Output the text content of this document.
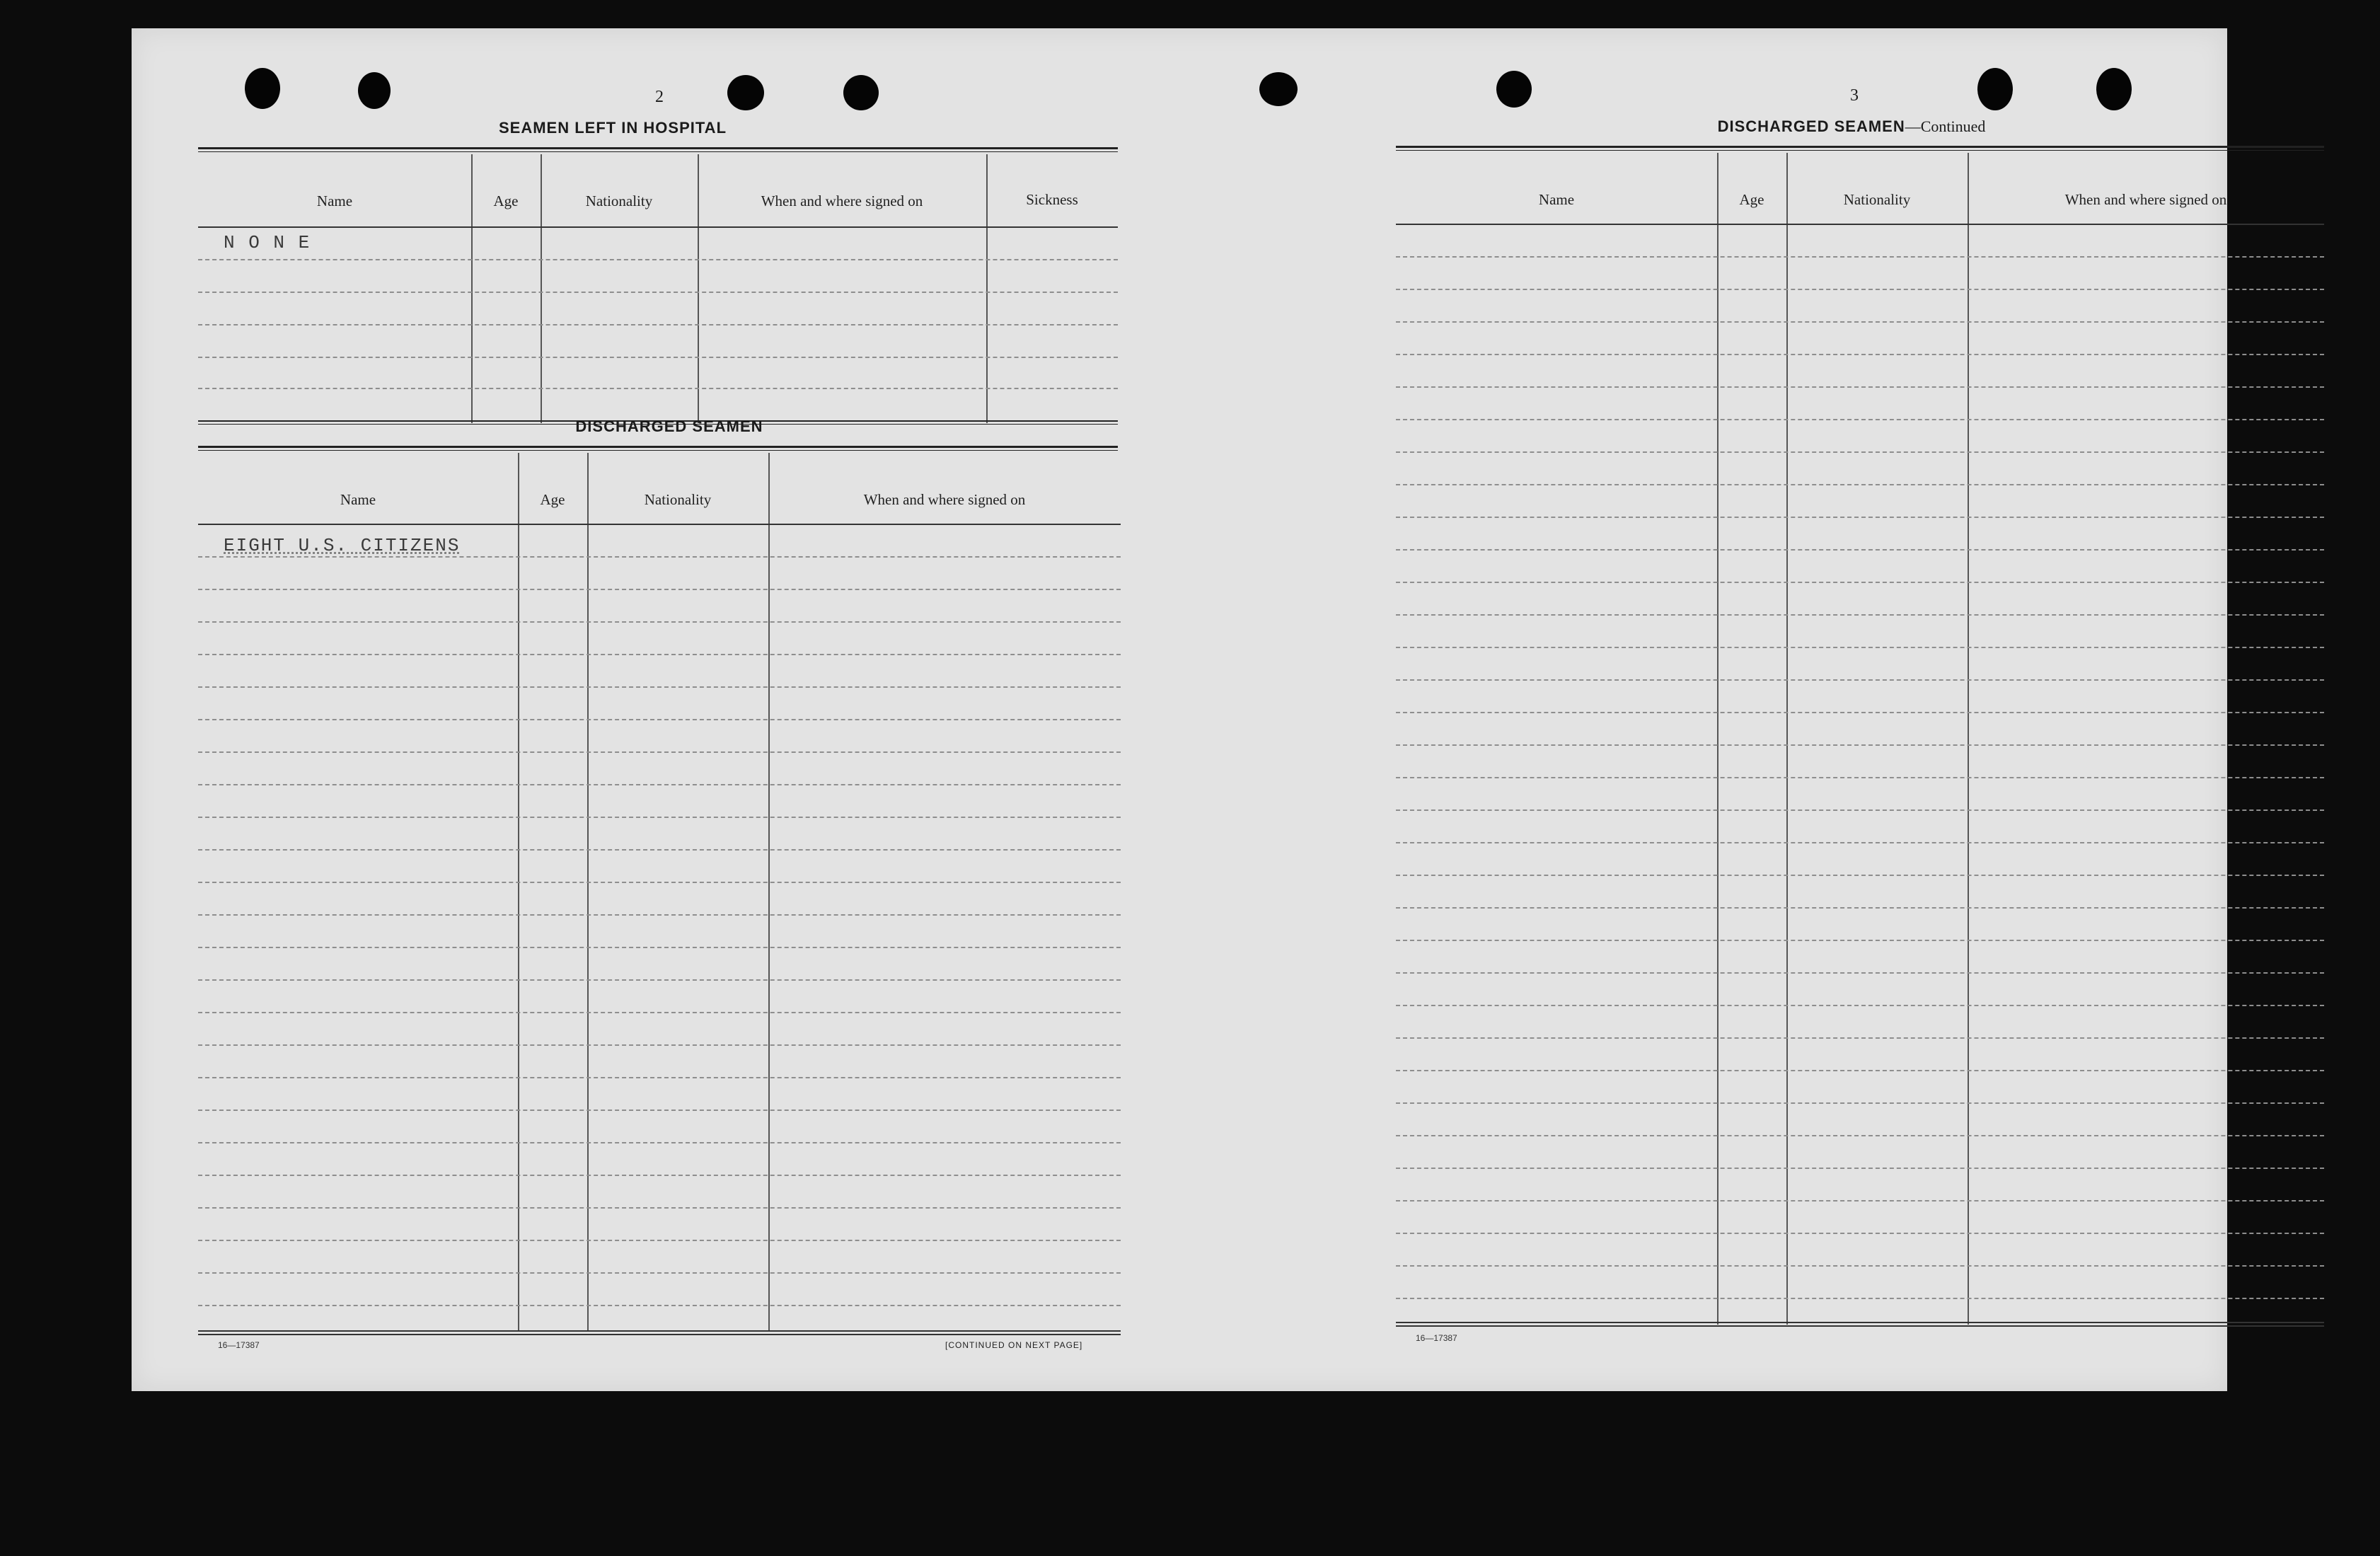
2
SEAMEN LEFT IN HOSPITAL
Name	Age	Nationality	When and where signed on	Sickness
N O N E
DISCHARGED SEAMEN
Name	Age	Nationality	When and where signed on
EIGHT U.S. CITIZENS
16—17387	[CONTINUED ON NEXT PAGE]
3
DISCHARGED SEAMEN—Continued
Name	Age	Nationality	When and where signed on
16—17387
